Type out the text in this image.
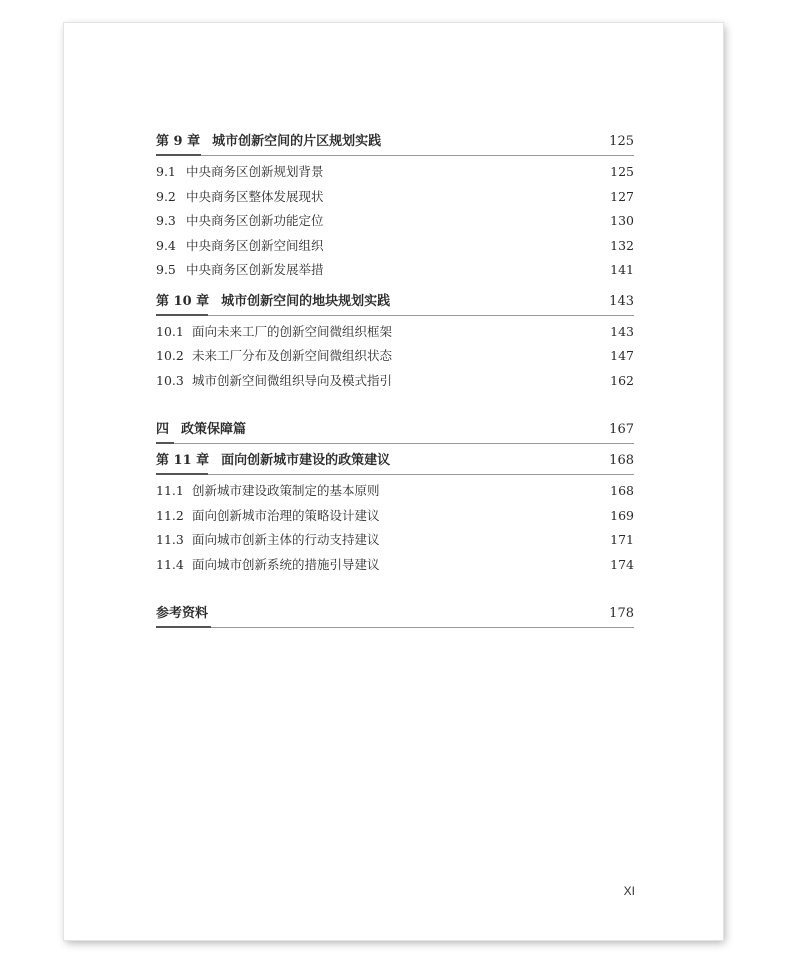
第 9 章 城市创新空间的片区规划实践	125
9.1 中央商务区创新规划背景	125
9.2 中央商务区整体发展现状	127
9.3 中央商务区创新功能定位	130
9.4 中央商务区创新空间组织	132
9.5 中央商务区创新发展举措	141
第 10 章 城市创新空间的地块规划实践	143
10.1 面向未来工厂的创新空间微组织框架	143
10.2 未来工厂分布及创新空间微组织状态	147
10.3 城市创新空间微组织导向及模式指引	162
四 政策保障篇	167
第 11 章 面向创新城市建设的政策建议	168
11.1 创新城市建设政策制定的基本原则	168
11.2 面向创新城市治理的策略设计建议	169
11.3 面向城市创新主体的行动支持建议	171
11.4 面向城市创新系统的措施引导建议	174
参考资料	178
XI
